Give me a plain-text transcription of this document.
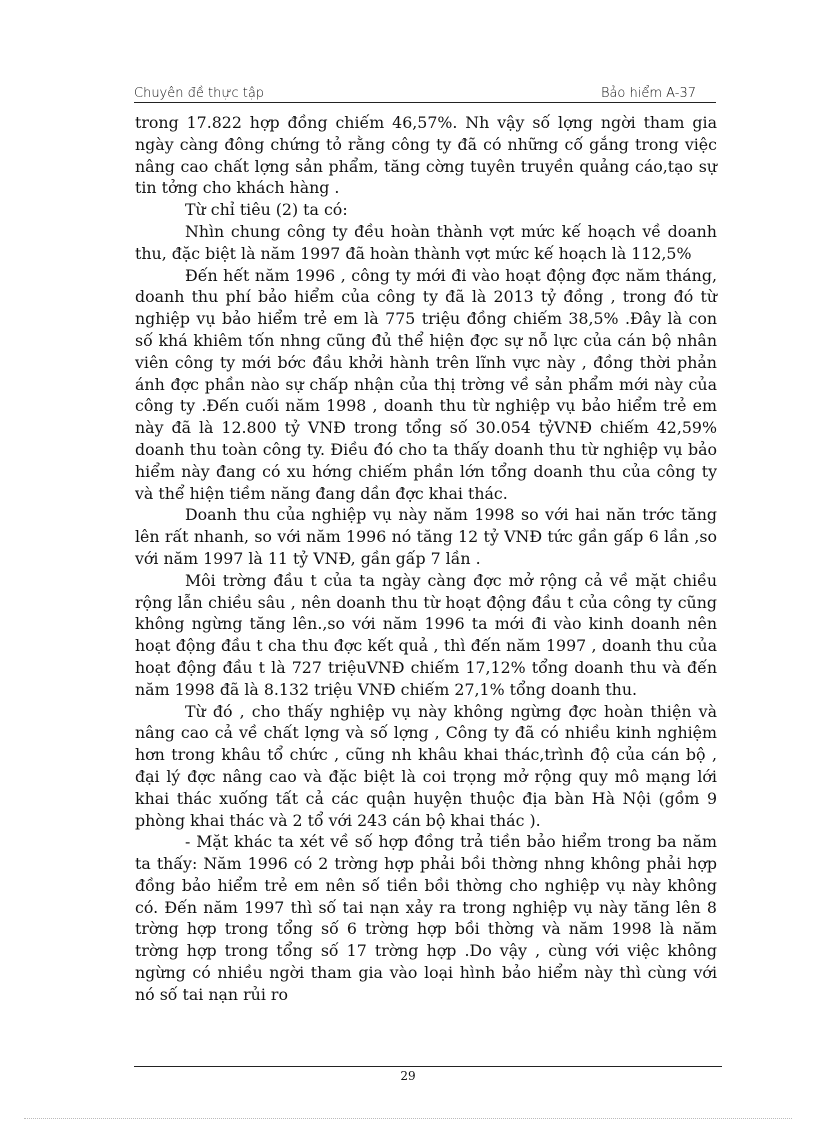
Chuyên đề thực tập	Bảo hiểm A-37

trong 17.822 hợp đồng chiếm 46,57%. Nh vậy số lợng ngời tham gia ngày càng đông chứng tỏ rằng công ty đã có những cố gắng trong việc nâng cao chất lợng sản phẩm, tăng cờng tuyên truyền quảng cáo,tạo sự tin tởng cho khách hàng .

Từ chỉ tiêu (2) ta có:

Nhìn chung công ty đều hoàn thành vợt mức kế hoạch về doanh thu, đặc biệt là năm 1997 đã hoàn thành vợt mức kế hoạch là 112,5%

Đến hết năm 1996 , công ty mới đi vào hoạt động đợc năm tháng, doanh thu phí bảo hiểm của công ty đã là 2013 tỷ đồng , trong đó từ nghiệp vụ bảo hiểm trẻ em là 775 triệu đồng chiếm 38,5% .Đây là con số khá khiêm tốn nhng cũng đủ thể hiện đợc sự nỗ lực của cán bộ nhân viên công ty mới bớc đầu khởi hành trên lĩnh vực này , đồng thời phản ánh đợc phần nào sự chấp nhận của thị trờng về sản phẩm mới này của công ty .Đến cuối năm 1998 , doanh thu từ nghiệp vụ bảo hiểm trẻ em này đã là 12.800 tỷ VNĐ trong tổng số 30.054 tỷVNĐ chiếm 42,59% doanh thu toàn công ty. Điều đó cho ta thấy doanh thu từ nghiệp vụ bảo hiểm này đang có xu hớng chiếm phần lớn tổng doanh thu của công ty và thể hiện tiềm năng đang dần đợc khai thác.

Doanh thu của nghiệp vụ này năm 1998 so với hai năn trớc tăng lên rất nhanh, so với năm 1996 nó tăng 12 tỷ VNĐ tức gần gấp 6 lần ,so với năm 1997 là 11 tỷ VNĐ, gần gấp 7 lần .

Môi trờng đầu t của ta ngày càng đợc mở rộng cả về mặt chiều rộng lẫn chiều sâu , nên doanh thu từ hoạt động đầu t của công ty cũng không ngừng tăng lên.,so với năm 1996 ta mới đi vào kinh doanh nên hoạt động đầu t cha thu đợc kết quả , thì đến năm 1997 , doanh thu của hoạt động đầu t là 727 triệuVNĐ chiếm 17,12% tổng doanh thu và đến năm 1998 đã là 8.132 triệu VNĐ chiếm 27,1% tổng doanh thu.

Từ đó , cho thấy nghiệp vụ này không ngừng đợc hoàn thiện và nâng cao cả về chất lợng và số lợng , Công ty đã có nhiều kinh nghiệm hơn trong khâu tổ chức , cũng nh khâu khai thác,trình độ của cán bộ , đại lý đợc nâng cao và đặc biệt là coi trọng mở rộng quy mô mạng lới khai thác xuống tất cả các quận huyện thuộc địa bàn Hà Nội (gồm 9 phòng khai thác và 2 tổ với 243 cán bộ khai thác ).

- Mặt khác ta xét về số hợp đồng trả tiền bảo hiểm trong ba năm ta thấy: Năm 1996 có 2 trờng hợp phải bồi thờng nhng không phải hợp đồng bảo hiểm trẻ em nên số tiền bồi thờng cho nghiệp vụ này không có. Đến năm 1997 thì số tai nạn xảy ra trong nghiệp vụ này tăng lên 8 trờng hợp trong tổng số 6 trờng hợp bồi thờng và năm 1998 là năm trờng hợp trong tổng số 17 trờng hợp .Do vậy , cùng với việc không ngừng có nhiều ngời tham gia vào loại hình bảo hiểm này thì cùng với nó số tai nạn rủi ro

29
